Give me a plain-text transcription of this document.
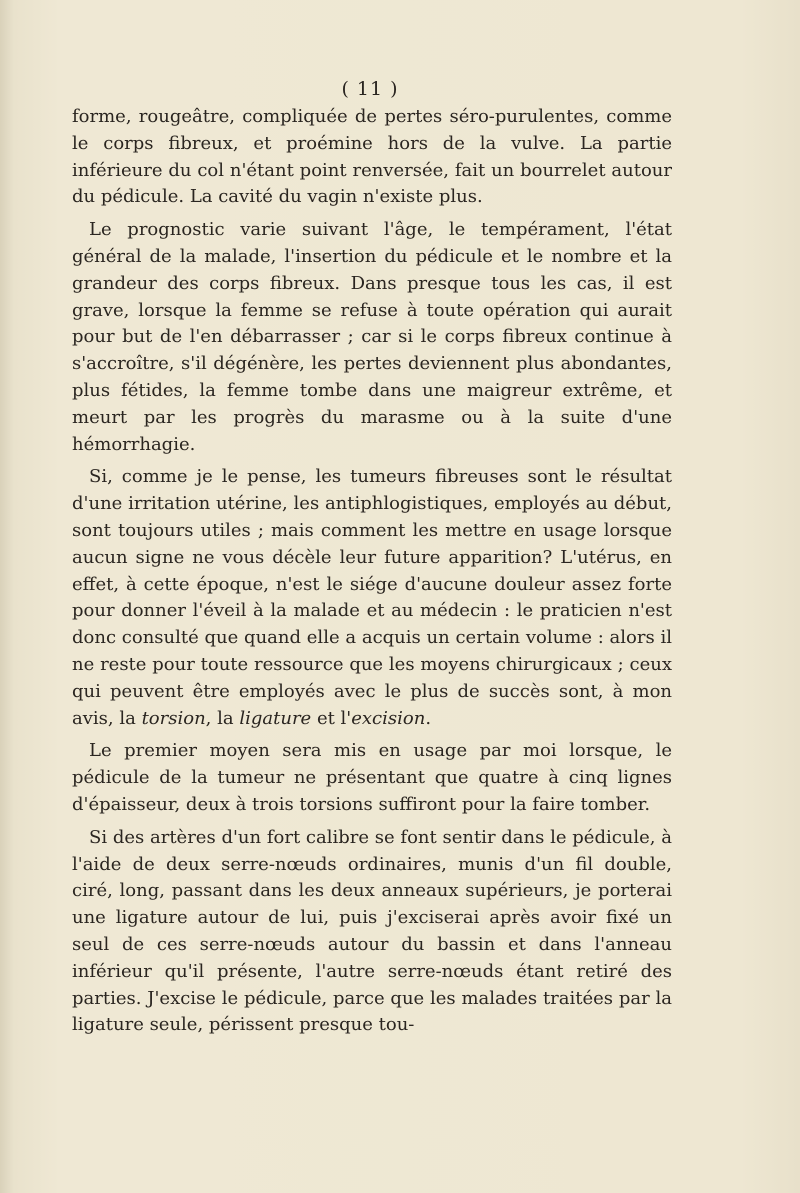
( 11 )

forme, rougeâtre, compliquée de pertes séro-purulentes, comme le corps fibreux, et proémine hors de la vulve. La partie inférieure du col n'étant point renversée, fait un bourrelet autour du pédicule. La cavité du vagin n'existe plus.

Le prognostic varie suivant l'âge, le tempérament, l'état général de la malade, l'insertion du pédicule et le nombre et la grandeur des corps fibreux. Dans presque tous les cas, il est grave, lorsque la femme se refuse à toute opération qui aurait pour but de l'en débarrasser ; car si le corps fibreux continue à s'accroître, s'il dégénère, les pertes deviennent plus abondantes, plus fétides, la femme tombe dans une maigreur extrême, et meurt par les progrès du marasme ou à la suite d'une hémorrhagie.

Si, comme je le pense, les tumeurs fibreuses sont le résultat d'une irritation utérine, les antiphlogistiques, employés au début, sont toujours utiles ; mais comment les mettre en usage lorsque aucun signe ne vous décèle leur future apparition? L'utérus, en effet, à cette époque, n'est le siége d'aucune douleur assez forte pour donner l'éveil à la malade et au médecin : le praticien n'est donc consulté que quand elle a acquis un certain volume : alors il ne reste pour toute ressource que les moyens chirurgicaux ; ceux qui peuvent être employés avec le plus de succès sont, à mon avis, la torsion, la ligature et l'excision.

Le premier moyen sera mis en usage par moi lorsque, le pédicule de la tumeur ne présentant que quatre à cinq lignes d'épaisseur, deux à trois torsions suffiront pour la faire tomber.

Si des artères d'un fort calibre se font sentir dans le pédicule, à l'aide de deux serre-nœuds ordinaires, munis d'un fil double, ciré, long, passant dans les deux anneaux supérieurs, je porterai une ligature autour de lui, puis j'exciserai après avoir fixé un seul de ces serre-nœuds autour du bassin et dans l'anneau inférieur qu'il présente, l'autre serre-nœuds étant retiré des parties. J'excise le pédicule, parce que les malades traitées par la ligature seule, périssent presque tou-
